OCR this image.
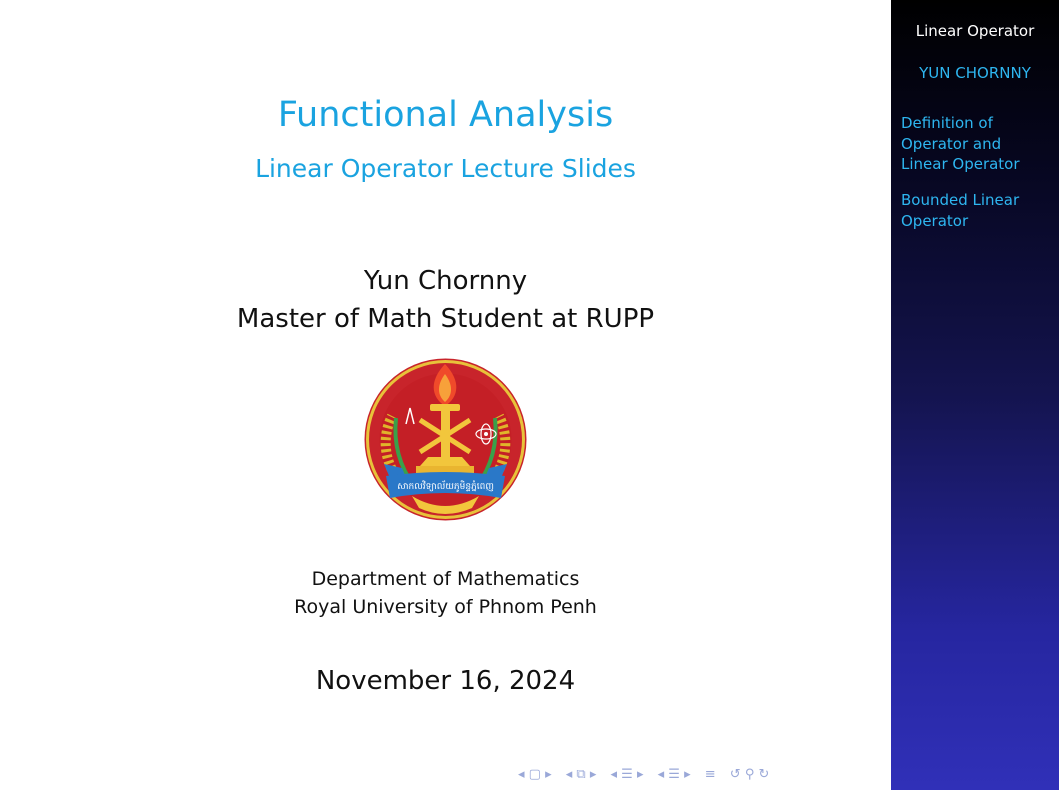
Functional Analysis
Linear Operator Lecture Slides
Yun Chornny
Master of Math Student at RUPP
សាកលវិទ្យាល័យភូមិន្ទភ្នំពេញ
Department of Mathematics
Royal University of Phnom Penh
November 16, 2024
◂ ▢ ▸ ◂ ⧉ ▸ ◂ ☰ ▸ ◂ ☰ ▸ ≡ ↺ ⚲ ↻
Linear Operator
YUN CHORNNY
Definition of Operator and Linear Operator
Bounded Linear Operator
